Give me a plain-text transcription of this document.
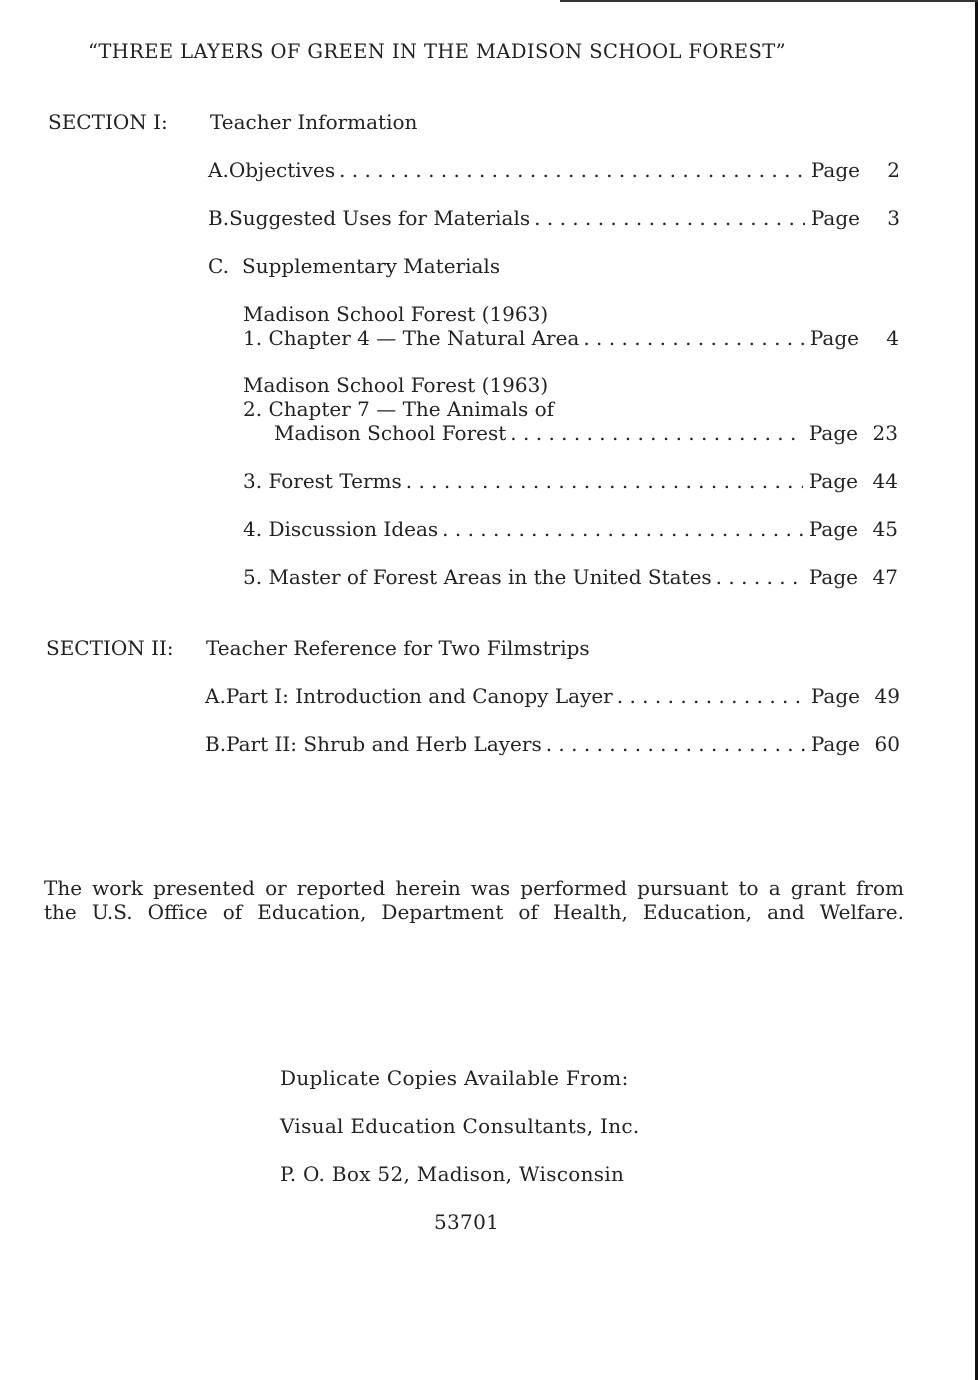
“THREE LAYERS OF GREEN IN THE MADISON SCHOOL FOREST”
SECTION I: Teacher Information
A. Objectives . . .	Page	2
B. Suggested Uses for Materials . . .	Page	3
C. Supplementary Materials
Madison School Forest (1963)
1. Chapter 4 — The Natural Area . . .	Page	4
Madison School Forest (1963)
2. Chapter 7 — The Animals of
Madison School Forest . . .	Page 23
3. Forest Terms . . .	Page 44
4. Discussion Ideas . . .	Page 45
5. Master of Forest Areas in the United States . . .	Page 47
SECTION II: Teacher Reference for Two Filmstrips
A. Part I: Introduction and Canopy Layer . . .	Page 49
B. Part II: Shrub and Herb Layers . . .	Page 60
The work presented or reported herein was performed pursuant to a grant from
the U.S. Office of Education, Department of Health, Education, and Welfare.
Duplicate Copies Available From:
Visual Education Consultants, Inc.
P. O. Box 52, Madison, Wisconsin
53701
